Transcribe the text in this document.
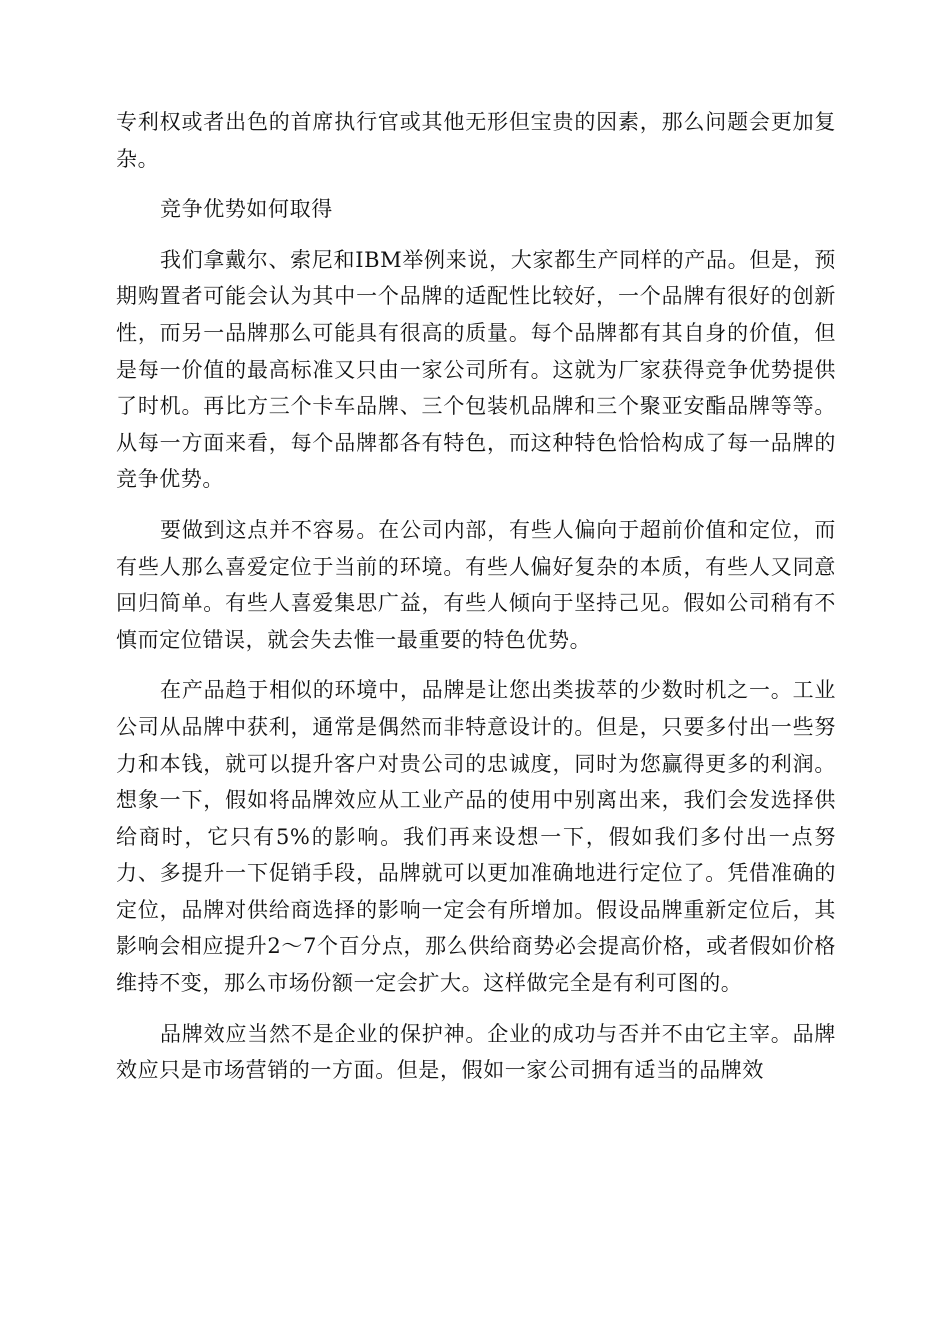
专利权或者出色的首席执行官或其他无形但宝贵的因素，那么问题会更加复杂。

竞争优势如何取得

我们拿戴尔、索尼和IBM举例来说，大家都生产同样的产品。但是，预期购置者可能会认为其中一个品牌的适配性比较好，一个品牌有很好的创新性，而另一品牌那么可能具有很高的质量。每个品牌都有其自身的价值，但是每一价值的最高标准又只由一家公司所有。这就为厂家获得竞争优势提供了时机。再比方三个卡车品牌、三个包装机品牌和三个聚亚安酯品牌等等。从每一方面来看，每个品牌都各有特色，而这种特色恰恰构成了每一品牌的竞争优势。

要做到这点并不容易。在公司内部，有些人偏向于超前价值和定位，而有些人那么喜爱定位于当前的环境。有些人偏好复杂的本质，有些人又同意回归简单。有些人喜爱集思广益，有些人倾向于坚持己见。假如公司稍有不慎而定位错误，就会失去惟一最重要的特色优势。

在产品趋于相似的环境中，品牌是让您出类拔萃的少数时机之一。工业公司从品牌中获利，通常是偶然而非特意设计的。但是，只要多付出一些努力和本钱，就可以提升客户对贵公司的忠诚度，同时为您赢得更多的利润。想象一下，假如将品牌效应从工业产品的使用中别离出来，我们会发选择供给商时，它只有5%的影响。我们再来设想一下，假如我们多付出一点努力、多提升一下促销手段，品牌就可以更加准确地进行定位了。凭借准确的定位，品牌对供给商选择的影响一定会有所增加。假设品牌重新定位后，其影响会相应提升2～7个百分点，那么供给商势必会提高价格，或者假如价格维持不变，那么市场份额一定会扩大。这样做完全是有利可图的。

品牌效应当然不是企业的保护神。企业的成功与否并不由它主宰。品牌效应只是市场营销的一方面。但是，假如一家公司拥有适当的品牌效
